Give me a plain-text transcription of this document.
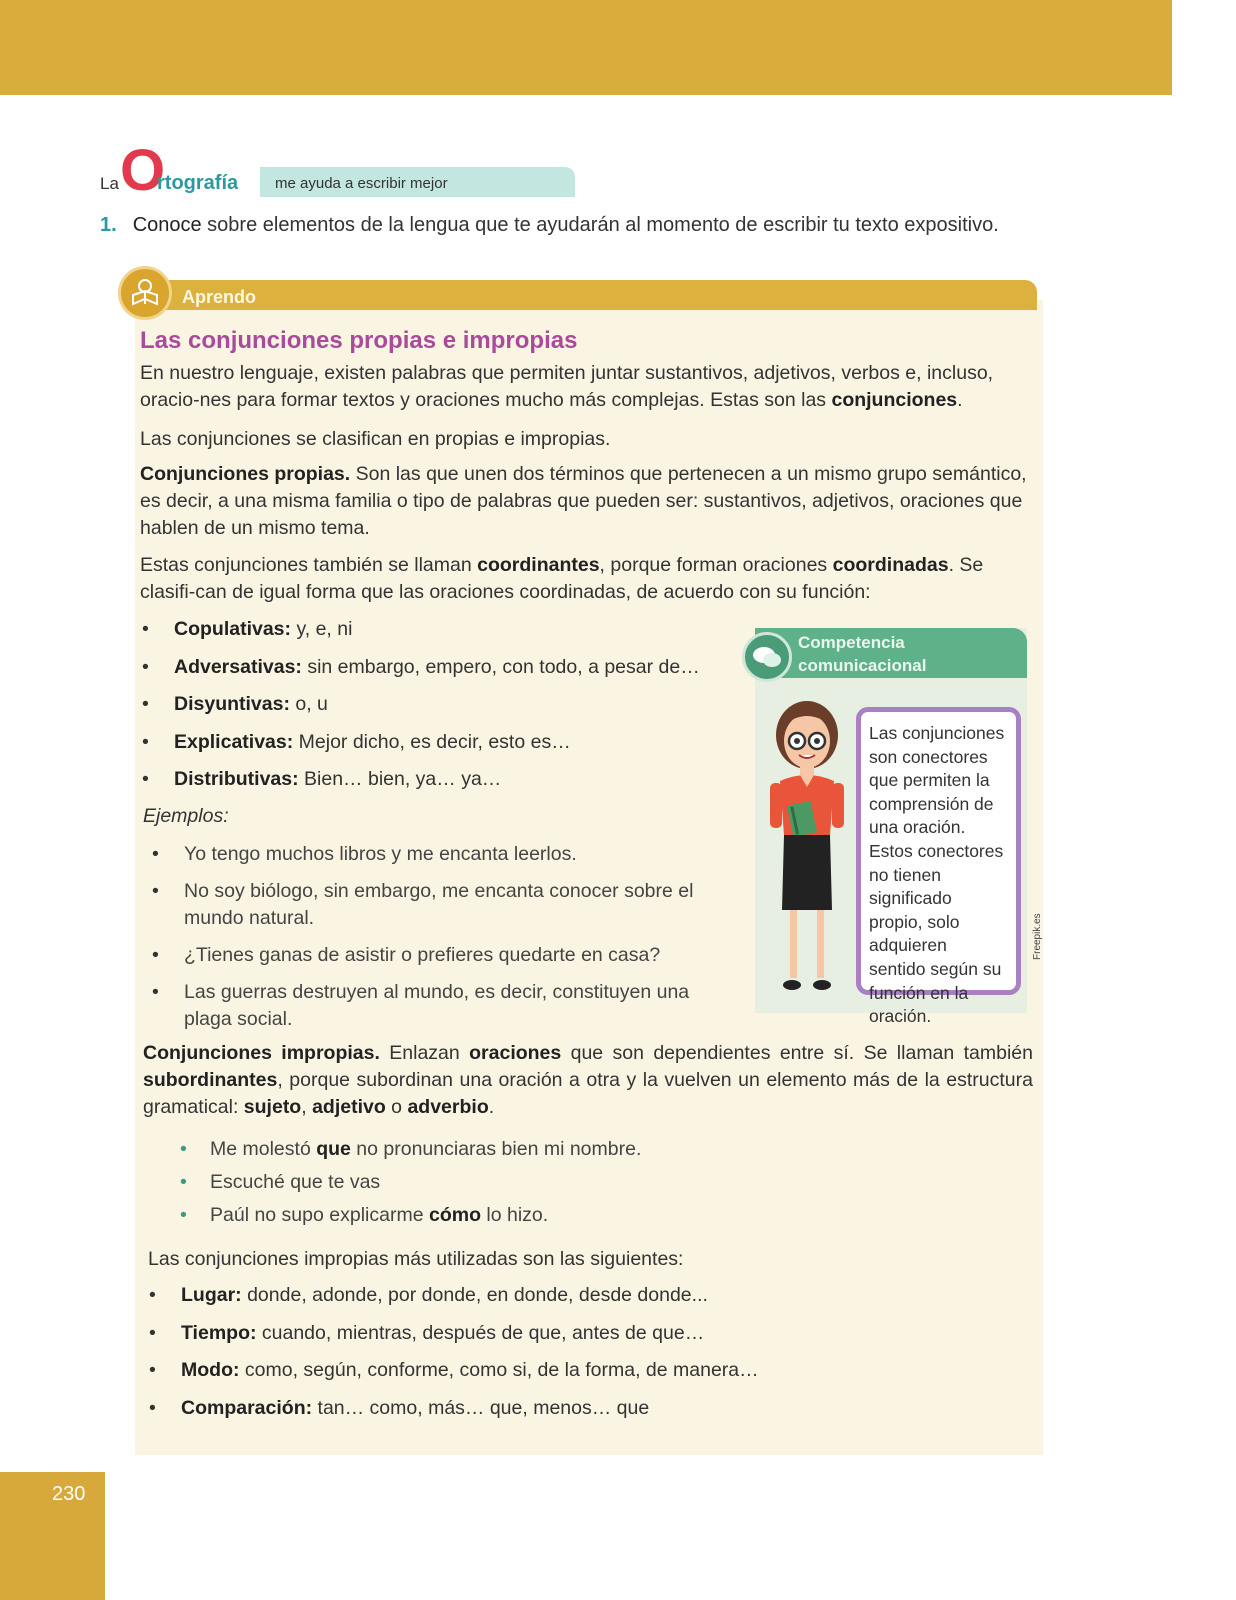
La O
rtografía me ayuda a escribir mejor
1. Conoce sobre elementos de la lengua que te ayudarán al momento de escribir tu texto expositivo.
Aprendo
Las conjunciones propias e impropias

En nuestro lenguaje, existen palabras que permiten juntar sustantivos, adjetivos, verbos e, incluso, oracio-nes para formar textos y oraciones mucho más complejas. Estas son las conjunciones.

Las conjunciones se clasifican en propias e impropias.

Conjunciones propias. Son las que unen dos términos que pertenecen a un mismo grupo semántico, es decir, a una misma familia o tipo de palabras que pueden ser: sustantivos, adjetivos, oraciones que hablen de un mismo tema.

Estas conjunciones también se llaman coordinantes, porque forman oraciones coordinadas. Se clasifi-can de igual forma que las oraciones coordinadas, de acuerdo con su función:

• Copulativas: y, e, ni
• Adversativas: sin embargo, empero, con todo, a pesar de…
• Disyuntivas: o, u
• Explicativas: Mejor dicho, es decir, esto es…
• Distributivas: Bien… bien, ya… ya…

Ejemplos:

• Yo tengo muchos libros y me encanta leerlos.
• No soy biólogo, sin embargo, me encanta conocer sobre el mundo natural.
• ¿Tienes ganas de asistir o prefieres quedarte en casa?
• Las guerras destruyen al mundo, es decir, constituyen una plaga social.
Competencia
comunicacional
Las conjunciones son conectores que permiten la comprensión de una oración. Estos conectores no tienen significado propio, solo adquieren sentido según su función en la oración.
Freepik.es

Conjunciones impropias. Enlazan oraciones que son dependientes entre sí. Se llaman también subordinantes, porque subordinan una oración a otra y la vuelven un elemento más de la estructura gramatical: sujeto, adjetivo o adverbio.

• Me molestó que no pronunciaras bien mi nombre.
• Escuché que te vas
• Paúl no supo explicarme cómo lo hizo.

Las conjunciones impropias más utilizadas son las siguientes:

• Lugar: donde, adonde, por donde, en donde, desde donde...
• Tiempo: cuando, mientras, después de que, antes de que…
• Modo: como, según, conforme, como si, de la forma, de manera…
• Comparación: tan… como, más… que, menos… que
230
